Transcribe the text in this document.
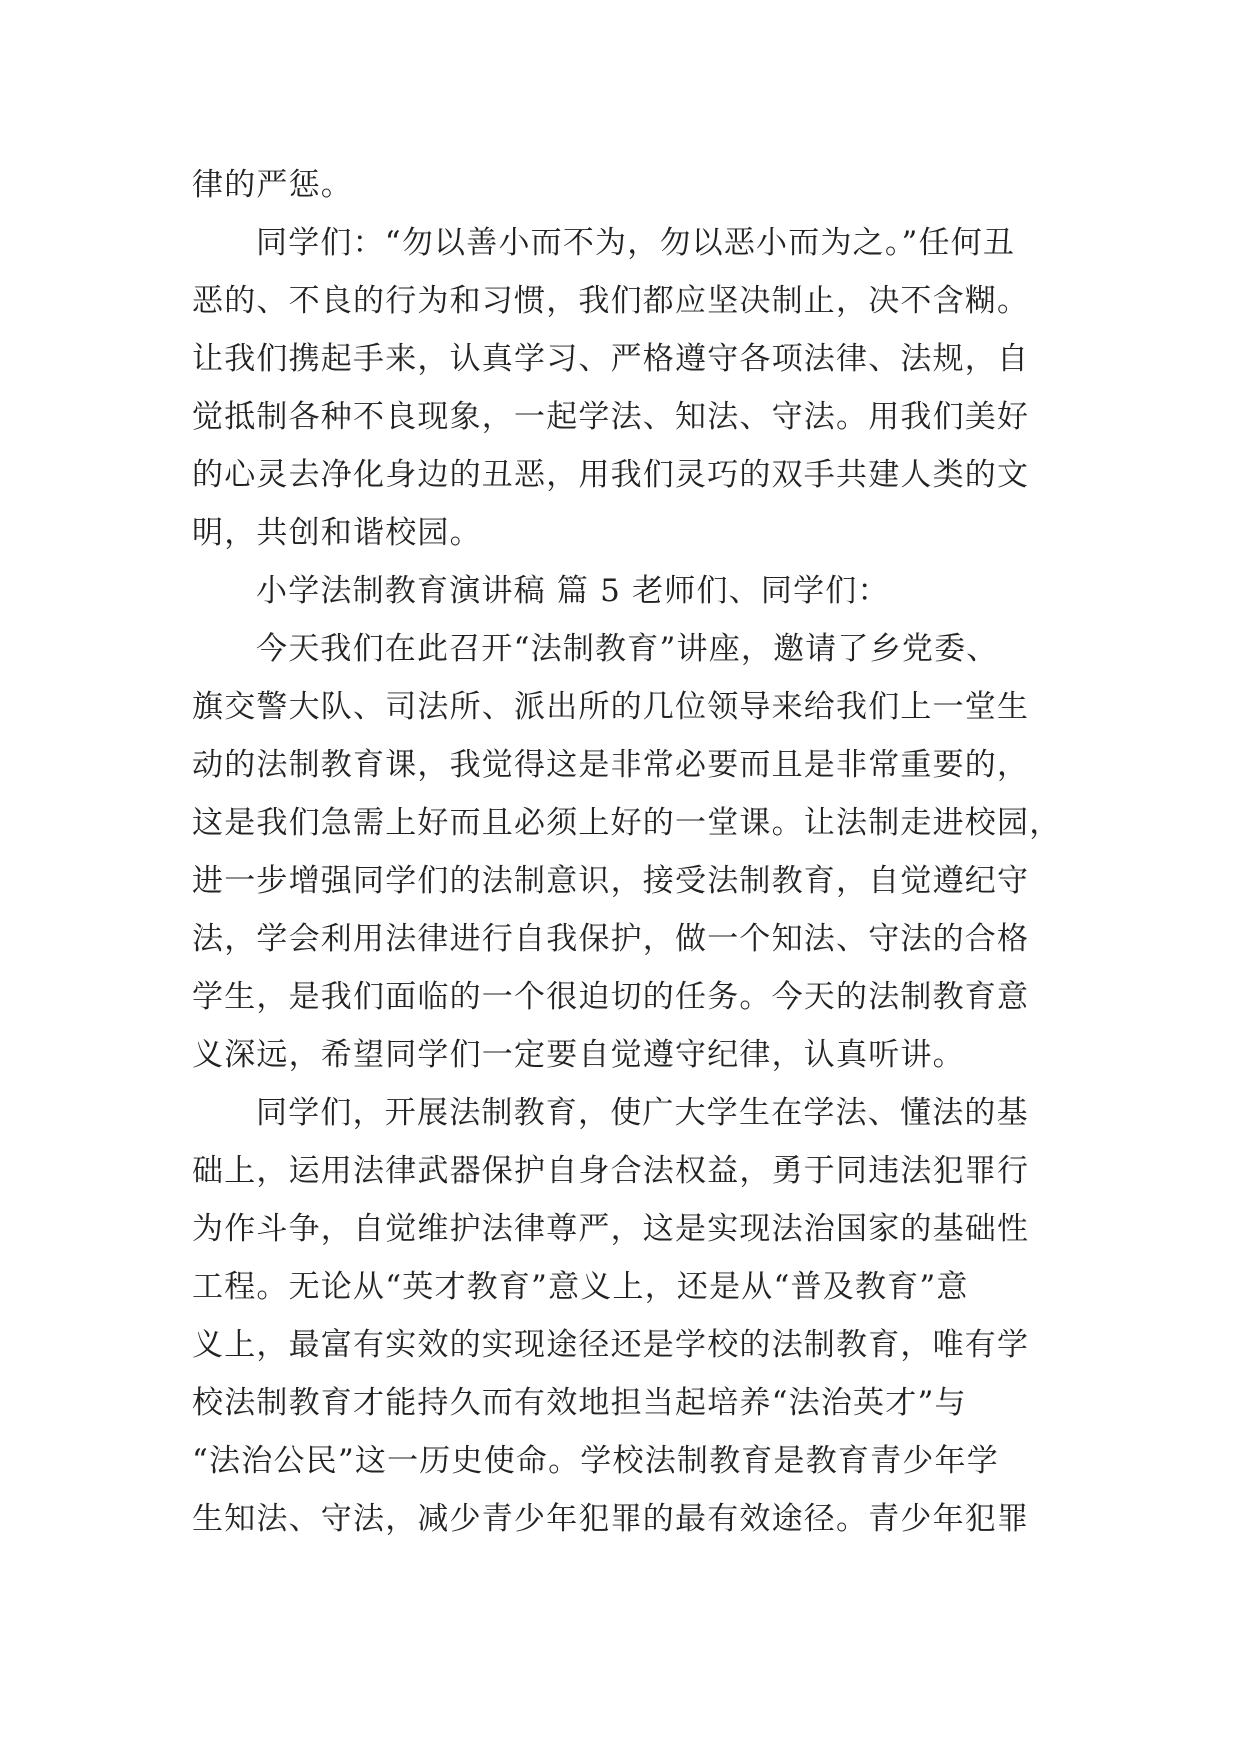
律的严惩。
同学们：“勿以善小而不为，勿以恶小而为之。”任何丑
恶的、不良的行为和习惯，我们都应坚决制止，决不含糊。
让我们携起手来，认真学习、严格遵守各项法律、法规，自
觉抵制各种不良现象，一起学法、知法、守法。用我们美好
的心灵去净化身边的丑恶，用我们灵巧的双手共建人类的文
明，共创和谐校园。
小学法制教育演讲稿 篇 5 老师们、同学们：
今天我们在此召开“法制教育”讲座，邀请了乡党委、
旗交警大队、司法所、派出所的几位领导来给我们上一堂生
动的法制教育课，我觉得这是非常必要而且是非常重要的，
这是我们急需上好而且必须上好的一堂课。让法制走进校园，
进一步增强同学们的法制意识，接受法制教育，自觉遵纪守
法，学会利用法律进行自我保护，做一个知法、守法的合格
学生，是我们面临的一个很迫切的任务。今天的法制教育意
义深远，希望同学们一定要自觉遵守纪律，认真听讲。
同学们，开展法制教育，使广大学生在学法、懂法的基
础上，运用法律武器保护自身合法权益，勇于同违法犯罪行
为作斗争，自觉维护法律尊严，这是实现法治国家的基础性
工程。无论从“英才教育”意义上，还是从“普及教育”意
义上，最富有实效的实现途径还是学校的法制教育，唯有学
校法制教育才能持久而有效地担当起培养“法治英才”与
“法治公民”这一历史使命。学校法制教育是教育青少年学
生知法、守法，减少青少年犯罪的最有效途径。青少年犯罪
